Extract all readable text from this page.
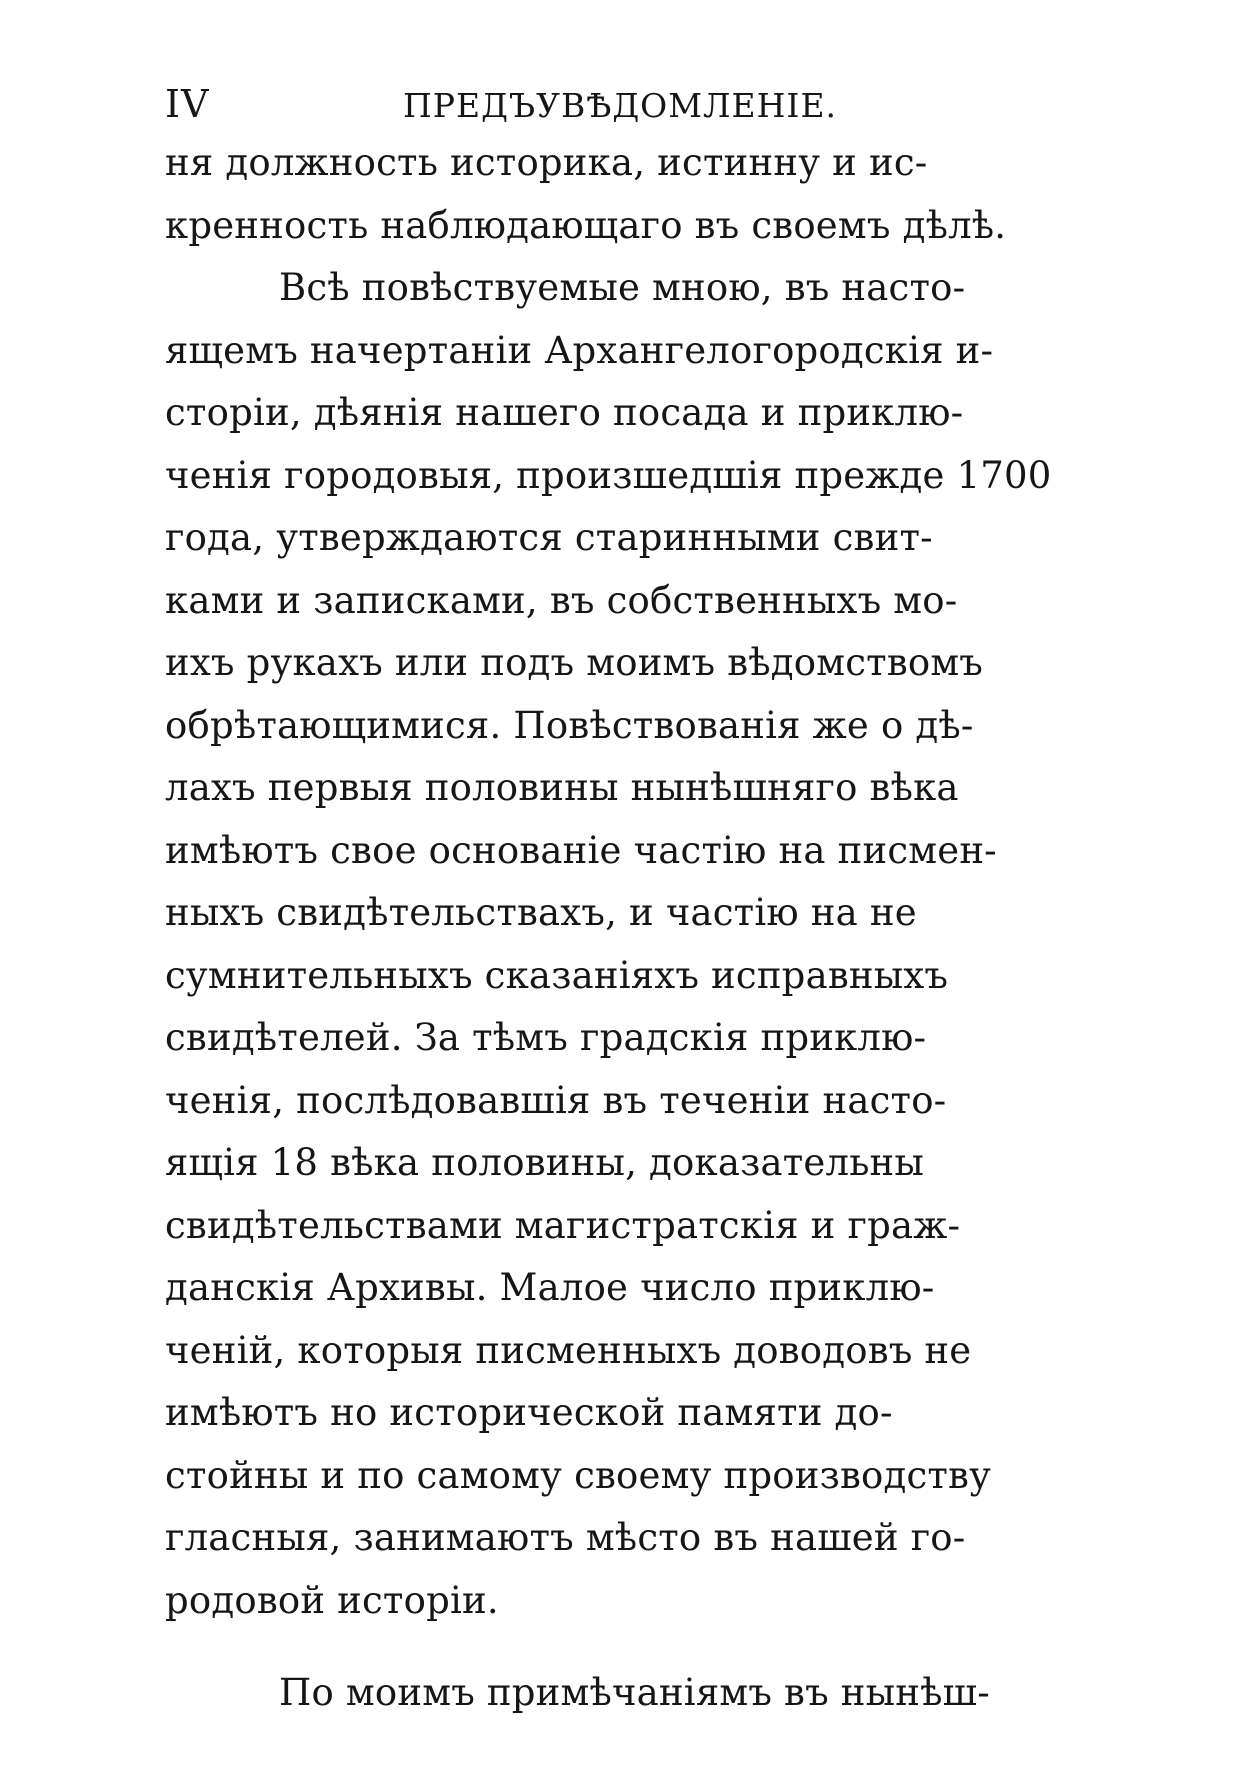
IV	ПРЕДЪУВѢДОМЛЕНІЕ.
ня должность историка, истинну и ис-
кренность наблюдающаго въ своемъ дѣлѣ.
Всѣ повѣствуемые мною, въ насто-
ящемъ начертаніи Архангелогородскія и-
сторіи, дѣянія нашего посада и приклю-
ченія городовыя, произшедшія прежде 1700
года, утверждаются старинными свит-
ками и записками, въ собственныхъ мо-
ихъ рукахъ или подъ моимъ вѣдомствомъ
обрѣтающимися. Повѣствованія же о дѣ-
лахъ первыя половины нынѣшняго вѣка
имѣютъ свое основаніе частію на писмен-
ныхъ свидѣтельствахъ, и частію на не
сумнительныхъ сказаніяхъ исправныхъ
свидѣтелей. За тѣмъ градскія приклю-
ченія, послѣдовавшія въ теченіи насто-
ящія 18 вѣка половины, доказательны
свидѣтельствами магистратскія и граж-
данскія Архивы. Малое число приклю-
ченій, которыя писменныхъ доводовъ не
имѣютъ но исторической памяти до-
стойны и по самому своему производству
гласныя, занимаютъ мѣсто въ нашей го-
родовой исторіи.
По моимъ примѣчаніямъ въ нынѣш-
